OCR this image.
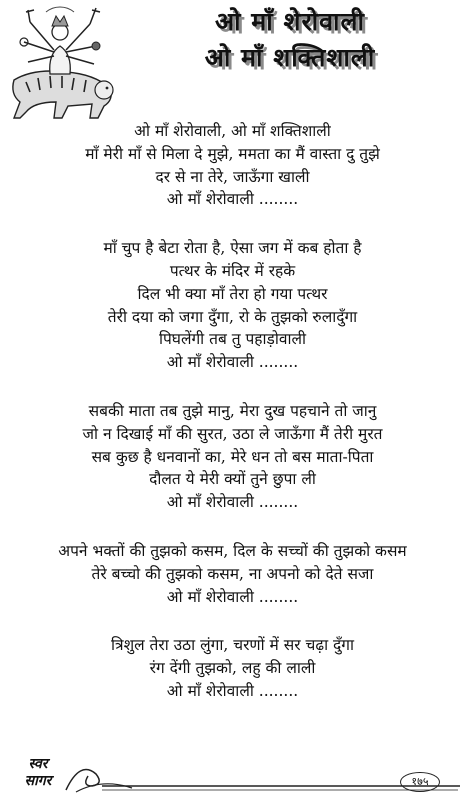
ओ माँ शेरोवाली
ओ माँ शक्तिशाली
ओ माँ शेरोवाली, ओ माँ शक्तिशाली
माँ मेरी माँ से मिला दे मुझे, ममता का मैं वास्ता दु तुझे
दर से ना तेरे, जाऊँगा खाली
ओ माँ शेरोवाली ........
माँ चुप है बेटा रोता है, ऐसा जग में कब होता है
पत्थर के मंदिर में रहके
दिल भी क्या माँ तेरा हो गया पत्थर
तेरी दया को जगा दुँगा, रो के तुझको रुलादुँगा
पिघलेंगी तब तु पहाड़ोवाली
ओ माँ शेरोवाली ........
सबकी माता तब तुझे मानु, मेरा दुख पहचाने तो जानु
जो न दिखाई माँ की सुरत, उठा ले जाऊँगा मैं तेरी मुरत
सब कुछ है धनवानों का, मेरे धन तो बस माता-पिता
दौलत ये मेरी क्यों तुने छुपा ली
ओ माँ शेरोवाली ........
अपने भक्तों की तुझको कसम, दिल के सच्चों की तुझको कसम
तेरे बच्चो की तुझको कसम, ना अपनो को देते सजा
ओ माँ शेरोवाली ........
त्रिशुल तेरा उठा लुंगा, चरणों में सर चढ़ा दुँगा
रंग देंगी तुझको, लहु की लाली
ओ माँ शेरोवाली ........
स्वर
सागर	१७५
